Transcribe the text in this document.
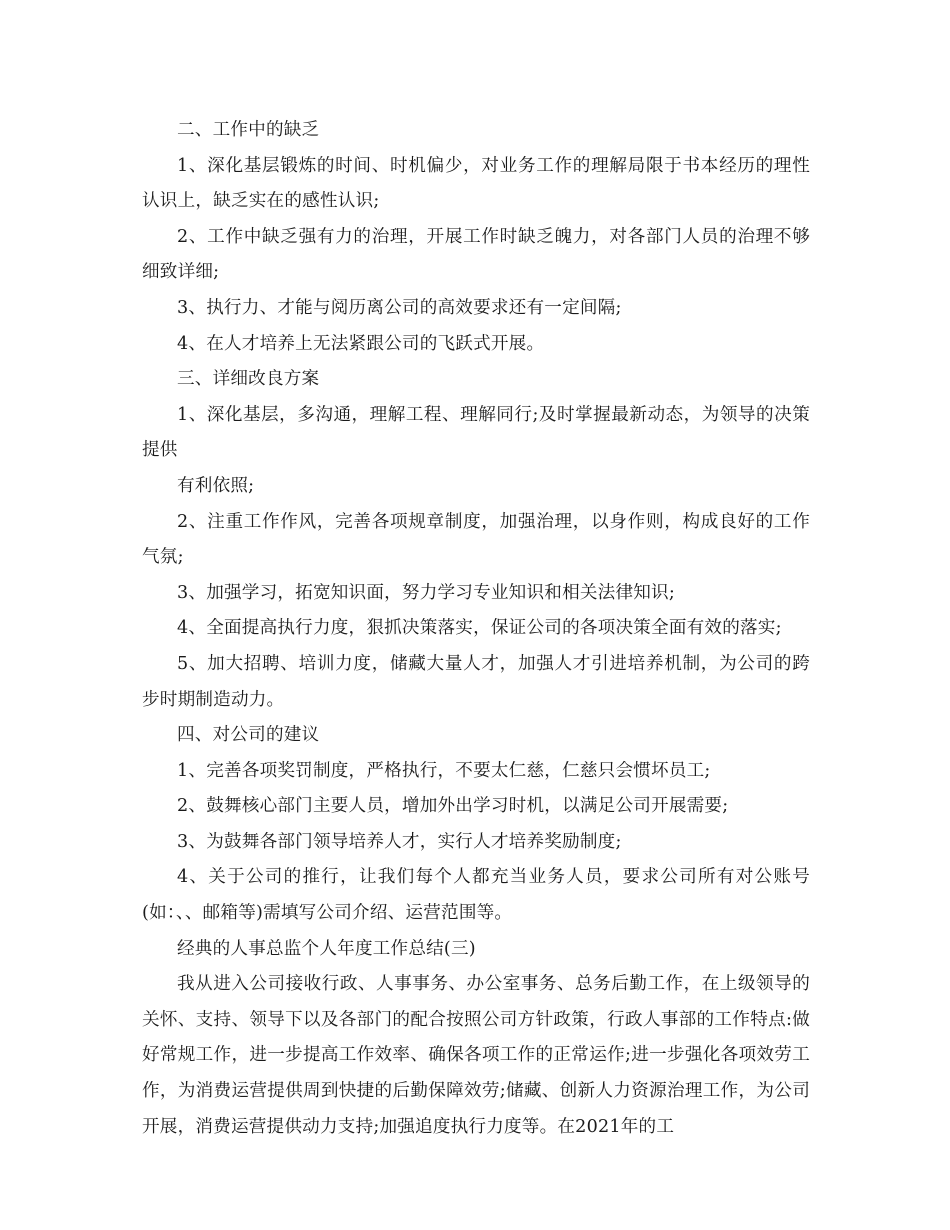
二、工作中的缺乏

1、深化基层锻炼的时间、时机偏少，对业务工作的理解局限于书本经历的理性认识上，缺乏实在的感性认识;

2、工作中缺乏强有力的治理，开展工作时缺乏魄力，对各部门人员的治理不够细致详细;

3、执行力、才能与阅历离公司的高效要求还有一定间隔;

4、在人才培养上无法紧跟公司的飞跃式开展。

三、详细改良方案

1、深化基层，多沟通，理解工程、理解同行;及时掌握最新动态，为领导的决策提供

有利依照;

2、注重工作作风，完善各项规章制度，加强治理，以身作则，构成良好的工作气氛;

3、加强学习，拓宽知识面，努力学习专业知识和相关法律知识;

4、全面提高执行力度，狠抓决策落实，保证公司的各项决策全面有效的落实;

5、加大招聘、培训力度，储藏大量人才，加强人才引进培养机制，为公司的跨步时期制造动力。

四、对公司的建议

1、完善各项奖罚制度，严格执行，不要太仁慈，仁慈只会惯坏员工;

2、鼓舞核心部门主要人员，增加外出学习时机，以满足公司开展需要;

3、为鼓舞各部门领导培养人才，实行人才培养奖励制度;

4、关于公司的推行，让我们每个人都充当业务人员，要求公司所有对公账号(如：、、邮箱等)需填写公司介绍、运营范围等。

经典的人事总监个人年度工作总结(三)

我从进入公司接收行政、人事事务、办公室事务、总务后勤工作，在上级领导的关怀、支持、领导下以及各部门的配合按照公司方针政策，行政人事部的工作特点:做好常规工作，进一步提高工作效率、确保各项工作的正常运作;进一步强化各项效劳工作，为消费运营提供周到快捷的后勤保障效劳;储藏、创新人力资源治理工作，为公司开展，消费运营提供动力支持;加强追度执行力度等。在2021年的工
